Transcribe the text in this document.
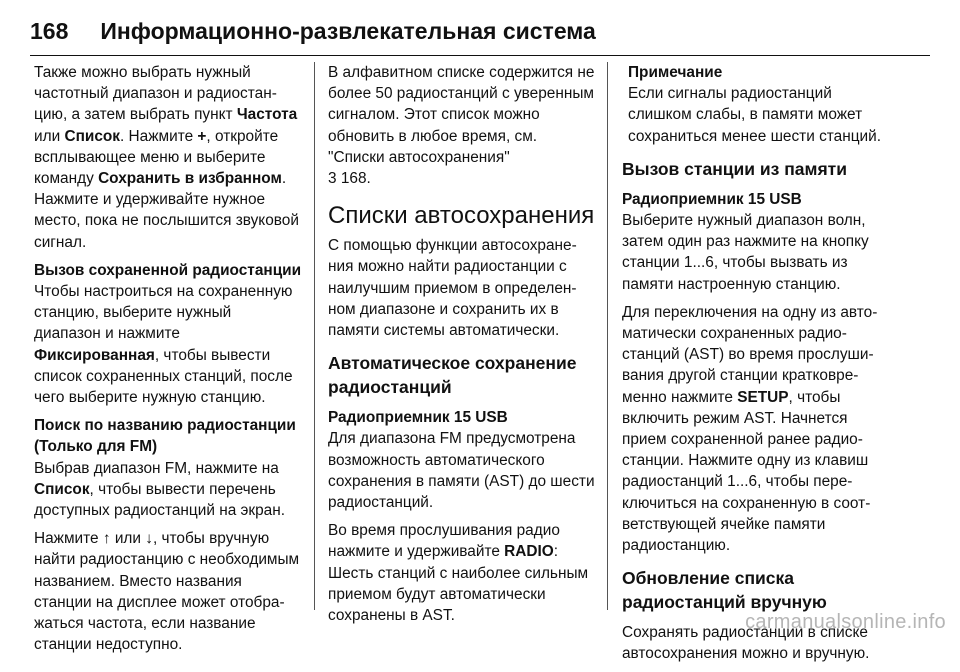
168 Информационно-развлекательная система

Также можно выбрать нужный частотный диапазон и радиостанцию, а затем выбрать пункт Частота или Список. Нажмите +, откройте всплывающее меню и выберите команду Сохранить в избранном. Нажмите и удерживайте нужное место, пока не послышится звуковой сигнал.

Вызов сохраненной радиостанции

Чтобы настроиться на сохраненную станцию, выберите нужный диапазон и нажмите Фиксированная, чтобы вывести список сохраненных станций, после чего выберите нужную станцию.

Поиск по названию радиостанции (Только для FM)

Выбрав диапазон FM, нажмите на Список, чтобы вывести перечень доступных радиостанций на экран.

Нажмите ↑ или ↓, чтобы вручную найти радиостанцию с необходимым названием. Вместо названия станции на дисплее может отображаться частота, если название станции недоступно.

В алфавитном списке содержится не более 50 радиостанций с уверенным сигналом. Этот список можно обновить в любое время, см. "Списки автосохранения"
3 168.

Списки автосохранения

С помощью функции автосохранения можно найти радиостанции с наилучшим приемом в определенном диапазоне и сохранить их в памяти системы автоматически.

Автоматическое сохранение радиостанций
Радиоприемник 15 USB

Для диапазона FM предусмотрена возможность автоматического сохранения в памяти (AST) до шести радиостанций.

Во время прослушивания радио нажмите и удерживайте RADIO: Шесть станций с наиболее сильным приемом будут автоматически сохранены в AST.

Примечание

Если сигналы радиостанций слишком слабы, в памяти может сохраниться менее шести станций.

Вызов станции из памяти
Радиоприемник 15 USB

Выберите нужный диапазон волн, затем один раз нажмите на кнопку станции 1...6, чтобы вызвать из памяти настроенную станцию.

Для переключения на одну из автоматически сохраненных радиостанций (AST) во время прослушивания другой станции кратковременно нажмите SETUP, чтобы включить режим AST. Начнется прием сохраненной ранее радиостанции. Нажмите одну из клавиш радиостанций 1...6, чтобы переключиться на сохраненную в соответствующей ячейке памяти радиостанцию.

Обновление списка радиостанций вручную

Сохранять радиостанции в списке автосохранения можно и вручную.

carmanualsonline.info
